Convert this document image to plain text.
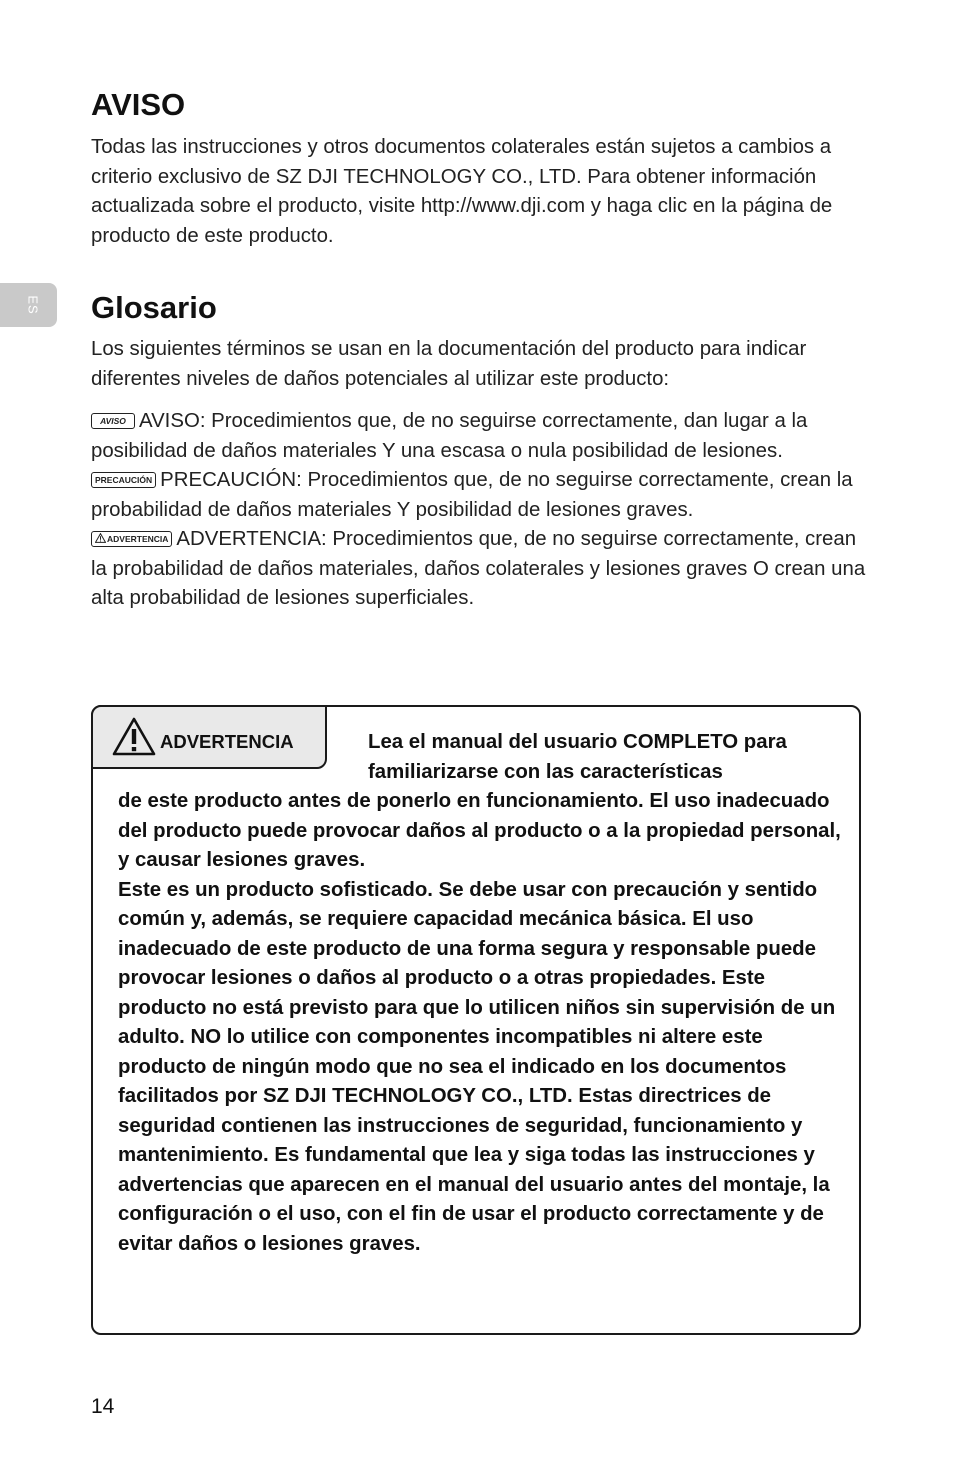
ES
AVISO

Todas las instrucciones y otros documentos colaterales están sujetos a cambios a criterio exclusivo de SZ DJI TECHNOLOGY CO., LTD. Para obtener información actualizada sobre el producto, visite http://www.dji.com y haga clic en la página de producto de este producto.

Glosario

Los siguientes términos se usan en la documentación del producto para indicar diferentes niveles de daños potenciales al utilizar este producto:

AVISO AVISO: Procedimientos que, de no seguirse correctamente, dan lugar a la posibilidad de daños materiales Y una escasa o nula posibilidad de lesiones.
PRECAUCIÓN PRECAUCIÓN: Procedimientos que, de no seguirse correctamente, crean la probabilidad de daños materiales Y posibilidad de lesiones graves.
ADVERTENCIA ADVERTENCIA: Procedimientos que, de no seguirse correctamente, crean la probabilidad de daños materiales, daños colaterales y lesiones graves O crean una alta probabilidad de lesiones superficiales.
ADVERTENCIA	Lea el manual del usuario COMPLETO para familiarizarse con las características

de este producto antes de ponerlo en funcionamiento. El uso inadecuado del producto puede provocar daños al producto o a la propiedad personal, y causar lesiones graves.
Este es un producto sofisticado. Se debe usar con precaución y sentido común y, además, se requiere capacidad mecánica básica. El uso inadecuado de este producto de una forma segura y responsable puede provocar lesiones o daños al producto o a otras propiedades. Este producto no está previsto para que lo utilicen niños sin supervisión de un adulto. NO lo utilice con componentes incompatibles ni altere este producto de ningún modo que no sea el indicado en los documentos facilitados por SZ DJI TECHNOLOGY CO., LTD. Estas directrices de seguridad contienen las instrucciones de seguridad, funcionamiento y mantenimiento. Es fundamental que lea y siga todas las instrucciones y advertencias que aparecen en el manual del usuario antes del montaje, la configuración o el uso, con el fin de usar el producto correctamente y de evitar daños o lesiones graves.

14
